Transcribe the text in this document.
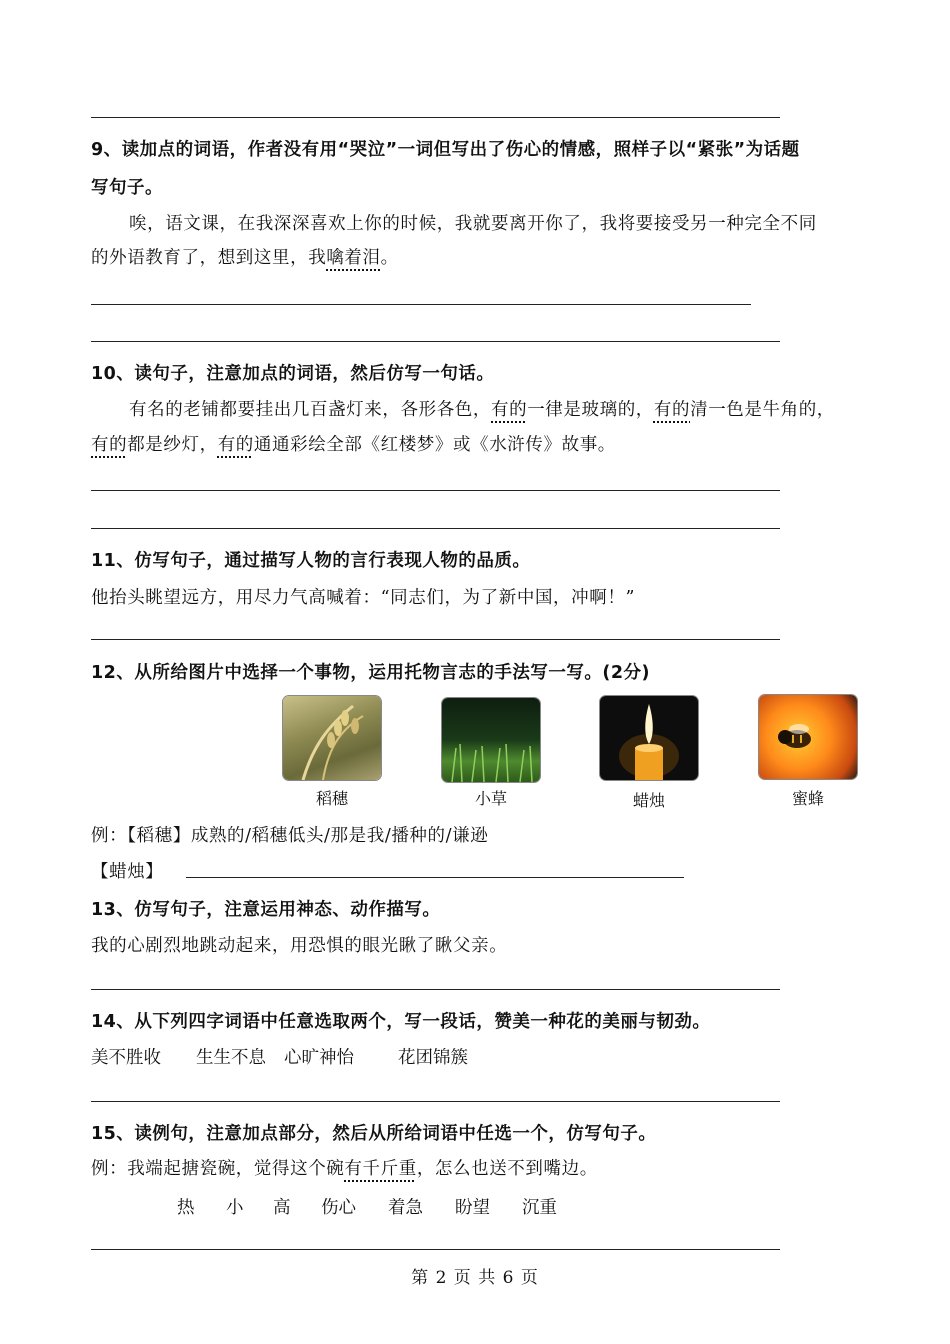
9、读加点的词语，作者没有用“哭泣”一词但写出了伤心的情感，照样子以“紧张”为话题
写句子。
唉，语文课，在我深深喜欢上你的时候，我就要离开你了，我将要接受另一种完全不同
的外语教育了，想到这里，我噙着泪。
10、读句子，注意加点的词语，然后仿写一句话。
有名的老铺都要挂出几百盏灯来，各形各色，有的一律是玻璃的，有的清一色是牛角的，
有的都是纱灯，有的通通彩绘全部《红楼梦》或《水浒传》故事。
11、仿写句子，通过描写人物的言行表现人物的品质。
他抬头眺望远方，用尽力气高喊着：“同志们，为了新中国，冲啊！”
12、从所给图片中选择一个事物，运用托物言志的手法写一写。(2分)
稻穗	小草	蜡烛	蜜蜂
例：【稻穗】成熟的/稻穗低头/那是我/播种的/谦逊
【蜡烛】
13、仿写句子，注意运用神态、动作描写。
我的心剧烈地跳动起来，用恐惧的眼光瞅了瞅父亲。
14、从下列四字词语中任意选取两个，写一段话，赞美一种花的美丽与韧劲。
美不胜收 生生不息 心旷神怡	花团锦簇
15、读例句，注意加点部分，然后从所给词语中任选一个，仿写句子。
例：我端起搪瓷碗，觉得这个碗有千斤重，怎么也送不到嘴边。
热 小 高 伤心 着急 盼望 沉重
第 2 页 共 6 页
